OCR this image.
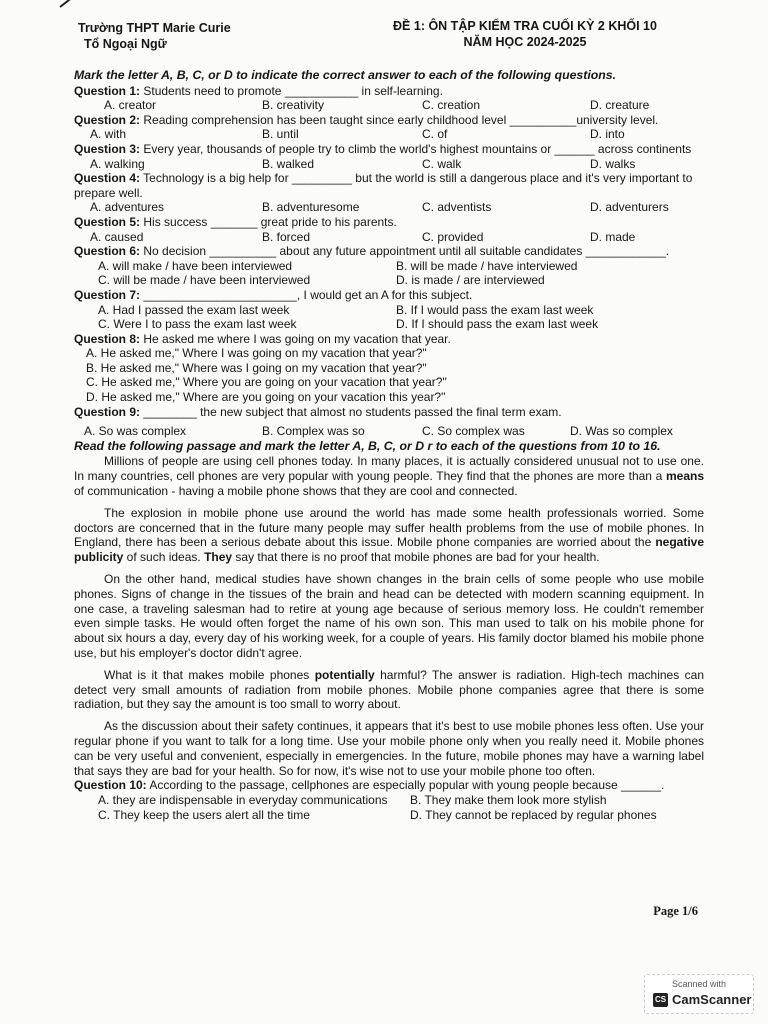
Trường THPT Marie Curie
Tổ Ngoại Ngữ
ĐỀ 1: ÔN TẬP KIỂM TRA CUỐI KỲ 2 KHỐI 10
NĂM HỌC 2024-2025
Mark the letter A, B, C, or D to indicate the correct answer to each of the following questions.
Question 1: Students need to promote ___________ in self-learning.
A. creator	B. creativity	C. creation	D. creature
Question 2: Reading comprehension has been taught since early childhood level __________university level.
A. with	B. until	C. of	D. into
Question 3: Every year, thousands of people try to climb the world's highest mountains or ______ across continents
A. walking	B. walked	C. walk	D. walks
Question 4: Technology is a big help for _________ but the world is still a dangerous place and it's very important to prepare well.
A. adventures	B. adventuresome	C. adventists	D. adventurers
Question 5: His success _______ great pride to his parents.
A. caused	B. forced	C. provided	D. made
Question 6: No decision __________ about any future appointment until all suitable candidates ____________.
A. will make / have been interviewed	B. will be made / have interviewed
C. will be made / have been interviewed	D. is made / are interviewed
Question 7: _______________________, I would get an A for this subject.
A. Had I passed the exam last week	B. If I would pass the exam last week
C. Were I to pass the exam last week	D. If I should pass the exam last week
Question 8: He asked me where I was going on my vacation that year.
A. He asked me," Where I was going on my vacation that year?"
B. He asked me," Where was I going on my vacation that year?"
C. He asked me," Where you are going on your vacation that year?"
D. He asked me," Where are you going on your vacation this year?"
Question 9: ________ the new subject that almost no students passed the final term exam.
A. So was complex	B. Complex was so	C. So complex was	D. Was so complex
Read the following passage and mark the letter A, B, C, or D r to each of the questions from 10 to 16.

Millions of people are using cell phones today. In many places, it is actually considered unusual not to use one. In many countries, cell phones are very popular with young people. They find that the phones are more than a means of communication - having a mobile phone shows that they are cool and connected.

The explosion in mobile phone use around the world has made some health professionals worried. Some doctors are concerned that in the future many people may suffer health problems from the use of mobile phones. In England, there has been a serious debate about this issue. Mobile phone companies are worried about the negative publicity of such ideas. They say that there is no proof that mobile phones are bad for your health.

On the other hand, medical studies have shown changes in the brain cells of some people who use mobile phones. Signs of change in the tissues of the brain and head can be detected with modern scanning equipment. In one case, a traveling salesman had to retire at young age because of serious memory loss. He couldn't remember even simple tasks. He would often forget the name of his own son. This man used to talk on his mobile phone for about six hours a day, every day of his working week, for a couple of years. His family doctor blamed his mobile phone use, but his employer's doctor didn't agree.

What is it that makes mobile phones potentially harmful? The answer is radiation. High-tech machines can detect very small amounts of radiation from mobile phones. Mobile phone companies agree that there is some radiation, but they say the amount is too small to worry about.

As the discussion about their safety continues, it appears that it's best to use mobile phones less often. Use your regular phone if you want to talk for a long time. Use your mobile phone only when you really need it. Mobile phones can be very useful and convenient, especially in emergencies. In the future, mobile phones may have a warning label that says they are bad for your health. So for now, it's wise not to use your mobile phone too often.

Question 10: According to the passage, cellphones are especially popular with young people because ______.
A. they are indispensable in everyday communications	B. They make them look more stylish
C. They keep the users alert all the time	D. They cannot be replaced by regular phones
Page 1/6
Scanned with
CS CamScanner
